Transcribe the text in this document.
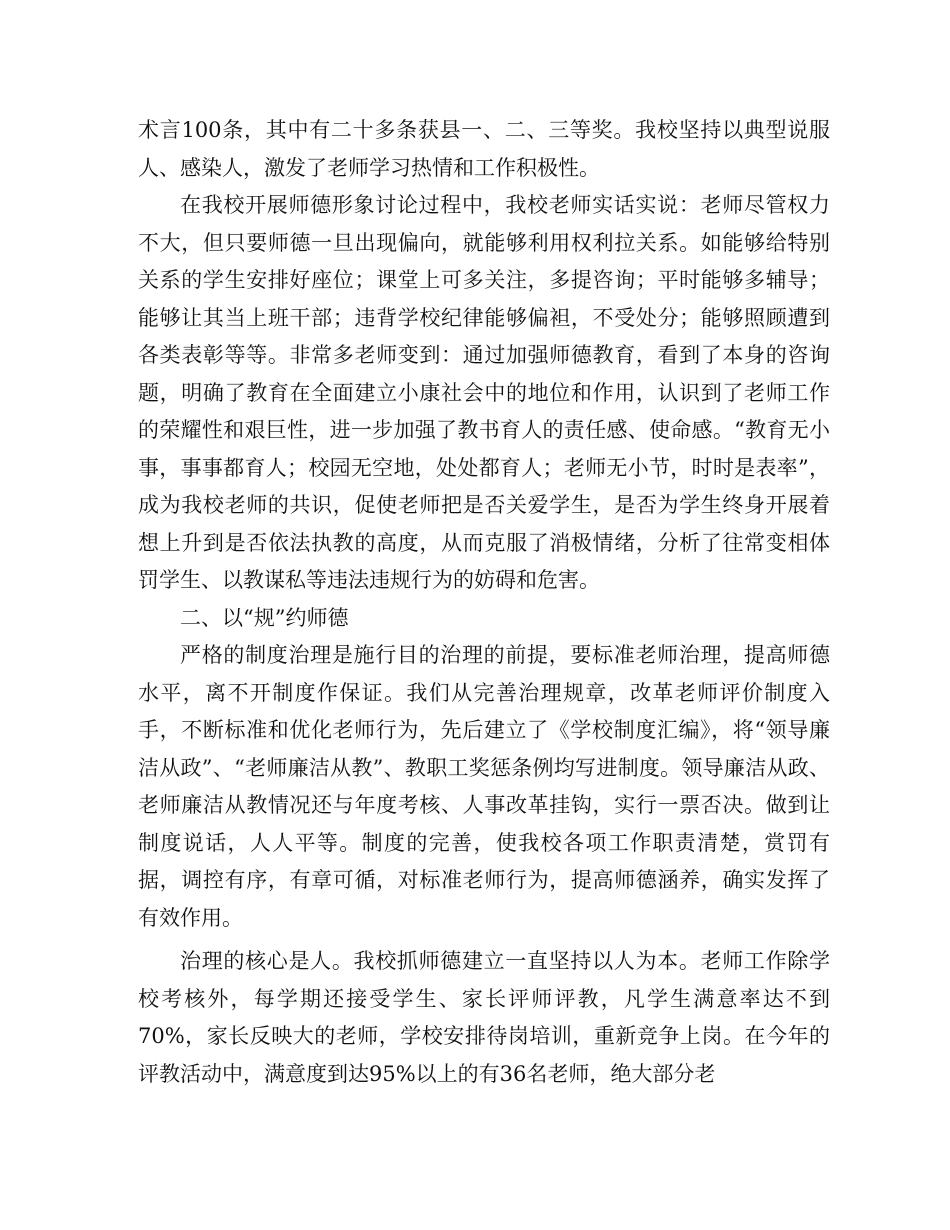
术言100条，其中有二十多条获县一、二、三等奖。我校坚持以典型说服人、感染人，激发了老师学习热情和工作积极性。

在我校开展师德形象讨论过程中，我校老师实话实说：老师尽管权力不大，但只要师德一旦出现偏向，就能够利用权利拉关系。如能够给特别关系的学生安排好座位；课堂上可多关注，多提咨询；平时能够多辅导；能够让其当上班干部；违背学校纪律能够偏袒，不受处分；能够照顾遭到各类表彰等等。非常多老师变到：通过加强师德教育，看到了本身的咨询题，明确了教育在全面建立小康社会中的地位和作用，认识到了老师工作的荣耀性和艰巨性，进一步加强了教书育人的责任感、使命感。“教育无小事，事事都育人；校园无空地，处处都育人；老师无小节，时时是表率”，成为我校老师的共识，促使老师把是否关爱学生，是否为学生终身开展着想上升到是否依法执教的高度，从而克服了消极情绪，分析了往常变相体罚学生、以教谋私等违法违规行为的妨碍和危害。

二、以“规”约师德

严格的制度治理是施行目的治理的前提，要标准老师治理，提高师德水平，离不开制度作保证。我们从完善治理规章，改革老师评价制度入手，不断标准和优化老师行为，先后建立了《学校制度汇编》，将“领导廉洁从政”、“老师廉洁从教”、教职工奖惩条例均写进制度。领导廉洁从政、老师廉洁从教情况还与年度考核、人事改革挂钩，实行一票否决。做到让制度说话，人人平等。制度的完善，使我校各项工作职责清楚，赏罚有据，调控有序，有章可循，对标准老师行为，提高师德涵养，确实发挥了有效作用。

治理的核心是人。我校抓师德建立一直坚持以人为本。老师工作除学校考核外，每学期还接受学生、家长评师评教，凡学生满意率达不到70%，家长反映大的老师，学校安排待岗培训，重新竞争上岗。在今年的评教活动中，满意度到达95%以上的有36名老师，绝大部分老
